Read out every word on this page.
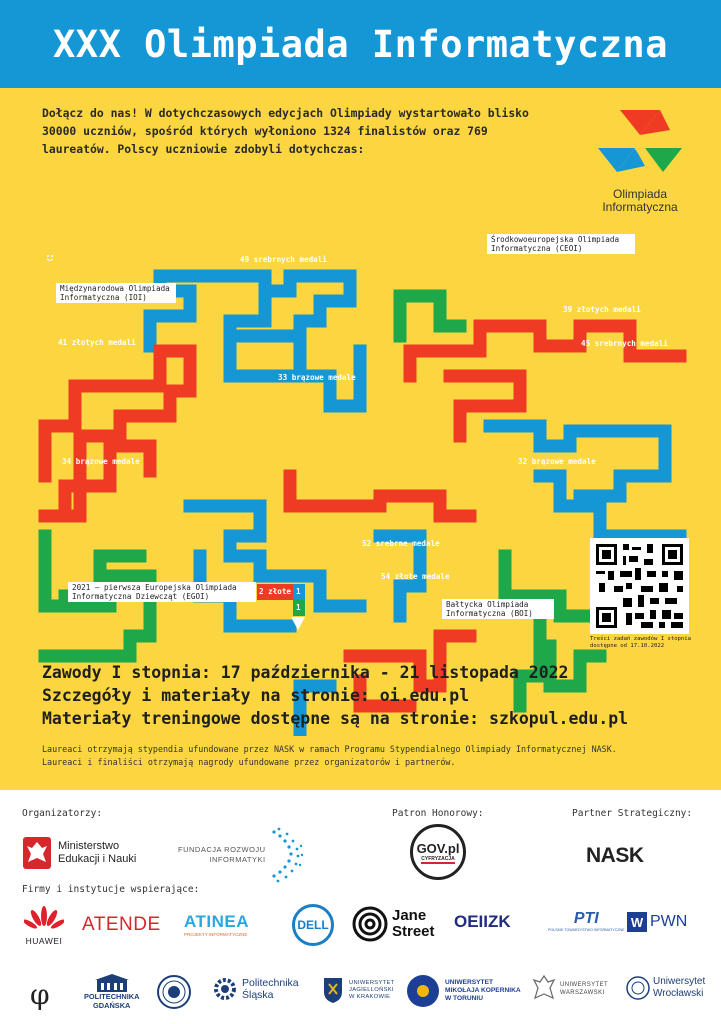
XXX Olimpiada Informatyczna
Dołącz do nas! W dotychczasowych edycjach Olimpiady wystartowało blisko 30000 uczniów, spośród których wyłoniono 1324 finalistów oraz 769 laureatów. Polscy uczniowie zdobyli dotychczas:
Olimpiada
Informatyczna
Międzynarodowa Olimpiada Informatyczna (IOI)
Środkowoeuropejska Olimpiada Informatyczna (CEOI)
2021 – pierwsza Europejska Olimpiada Informatyczna Dziewcząt (EGOI)
Bałtycka Olimpiada Informatyczna (BOI)
49 srebrnych medali
41 złotych medali
33 brązowe medale
34 brązowe medale
39 złotych medali
45 srebrnych medali
32 brązowe medale
52 srebrne medale
54 złote medale
2 złote 1
1
Treści zadań zawodów I stopnia dostępne od 17.10.2022
Zawody I stopnia: 17 października - 21 listopada 2022
Szczegóły i materiały na stronie: oi.edu.pl
Materiały treningowe dostępne są na stronie: szkopul.edu.pl
Laureaci otrzymają stypendia ufundowane przez NASK w ramach Programu Stypendialnego Olimpiady Informatycznej NASK.
Laureaci i finaliści otrzymają nagrody ufundowane przez organizatorów i partnerów.
Organizatorzy:	Patron Honorowy:	Partner Strategiczny:
Firmy i instytucje wspierające:
Ministerstwo
Edukacji i Nauki
FUNDACJA ROZWOJU
INFORMATYKI
GOV.pl
CYFRYZACJA	NASK
HUAWEI
ATENDE ATINEA
PROJEKTY INFORMATYCZNE
DELL
Jane
Street
OEIIZK	PTI
POLSKIE TOWARZYSTWO INFORMATYCZNE
W PWN
φ	POLITECHNIKA
GDAŃSKA
Politechnika
Śląska
UNIWERSYTET
JAGIELLOŃSKI
W KRAKOWIE
UNIWERSYTET
MIKOŁAJA KOPERNIKA
W TORUNIU
UNIWERSYTET
WARSZAWSKI
Uniwersytet
Wrocławski
